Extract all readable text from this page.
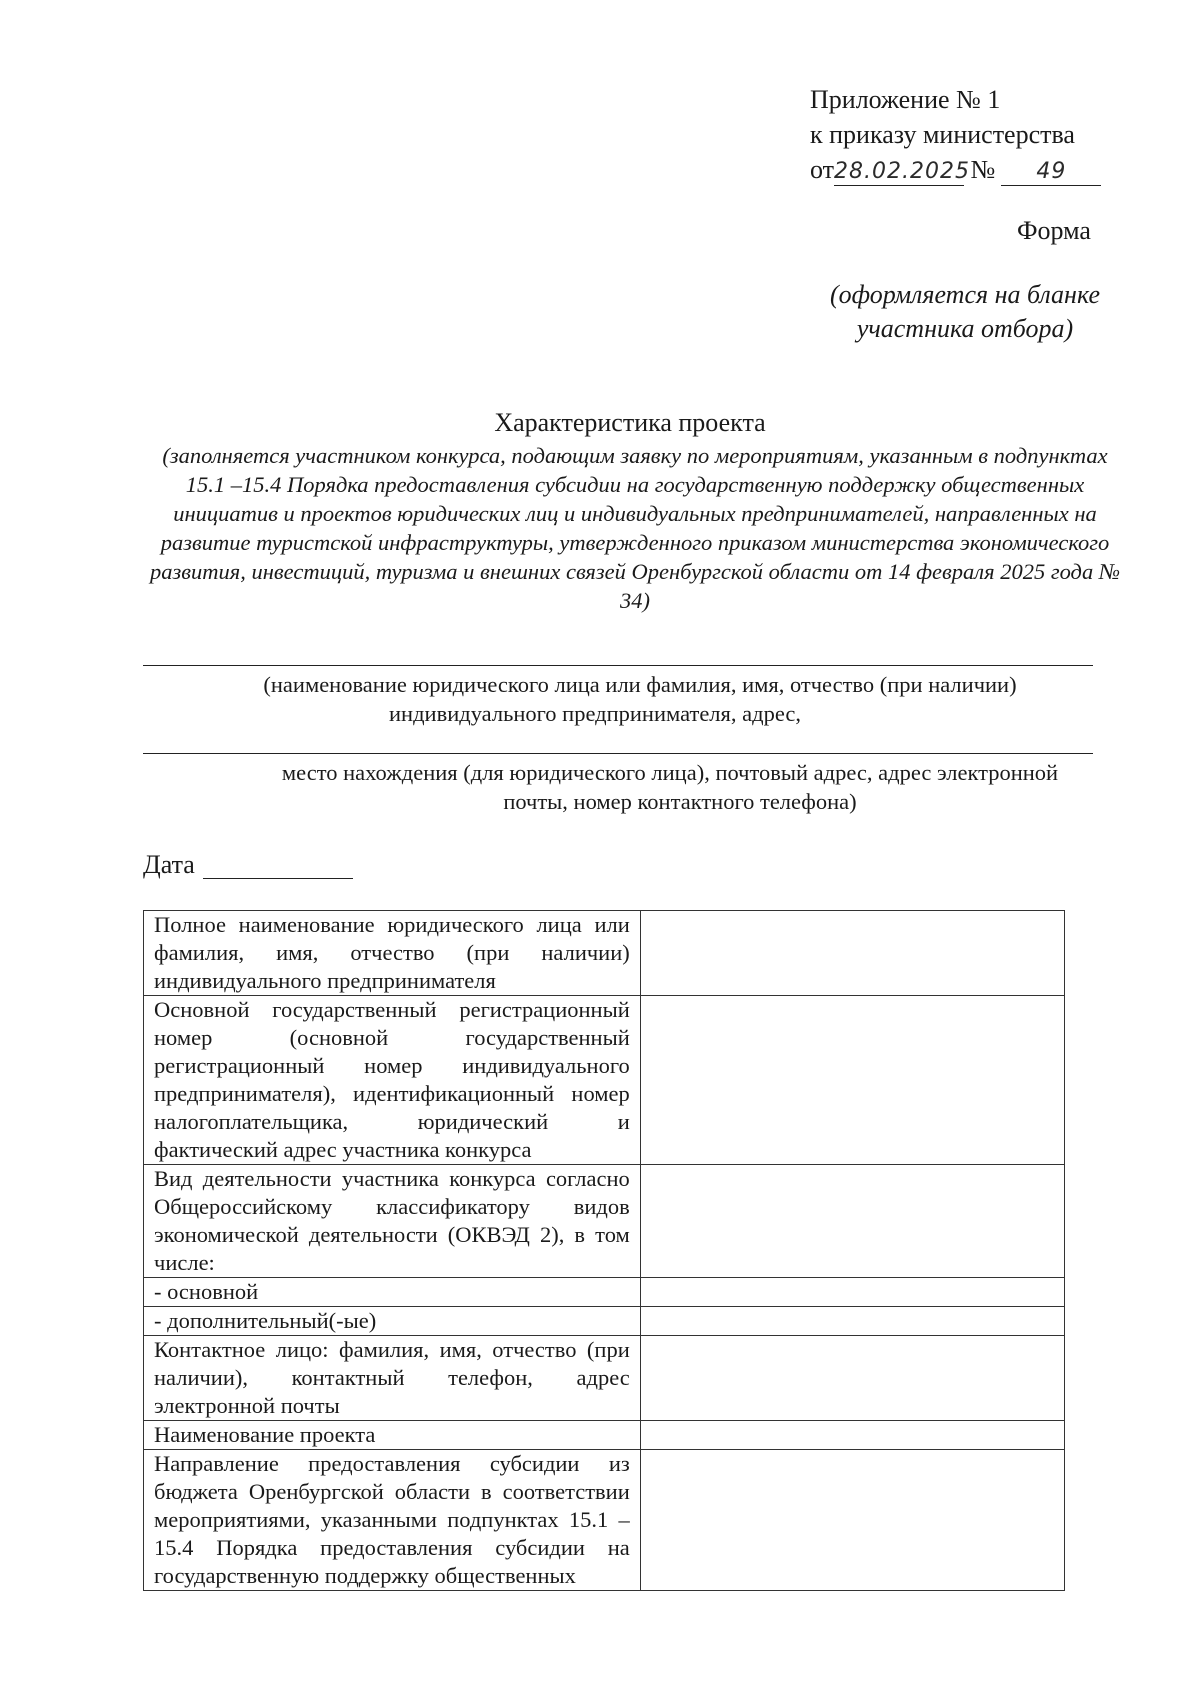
Приложение № 1
к приказу министерства
от28.02.2025 № 49
Форма
(оформляется на бланке участника отбора)
Характеристика проекта
(заполняется участником конкурса, подающим заявку по мероприятиям, указанным в подпунктах 15.1 –15.4 Порядка предоставления субсидии на государственную поддержку общественных инициатив и проектов юридических лиц и индивидуальных предпринимателей, направленных на развитие туристской инфраструктуры, утвержденного приказом министерства экономического развития, инвестиций, туризма и внешних связей Оренбургской области от 14 февраля 2025 года № 34)
(наименование юридического лица или фамилия, имя, отчество (при наличии)
индивидуального предпринимателя, адрес,
место нахождения (для юридического лица), почтовый адрес, адрес электронной
почты, номер контактного телефона)
Дата
Полное наименование юридического лица или фамилия, имя, отчество (при наличии) индивидуального предпринимателя	
Основной государственный регистрационный номер (основной государственный регистрационный номер индивидуального предпринимателя), идентификационный номер налогоплательщика, юридический и фактический адрес участника конкурса	
Вид деятельности участника конкурса согласно Общероссийскому классификатору видов экономической деятельности (ОКВЭД 2), в том числе:	
- основной	
- дополнительный(-ые)	
Контактное лицо: фамилия, имя, отчество (при наличии), контактный телефон, адрес электронной почты	
Наименование проекта	
Направление предоставления субсидии из бюджета Оренбургской области в соответствии мероприятиями, указанными подпунктах 15.1 – 15.4 Порядка предоставления субсидии на государственную поддержку общественных	
